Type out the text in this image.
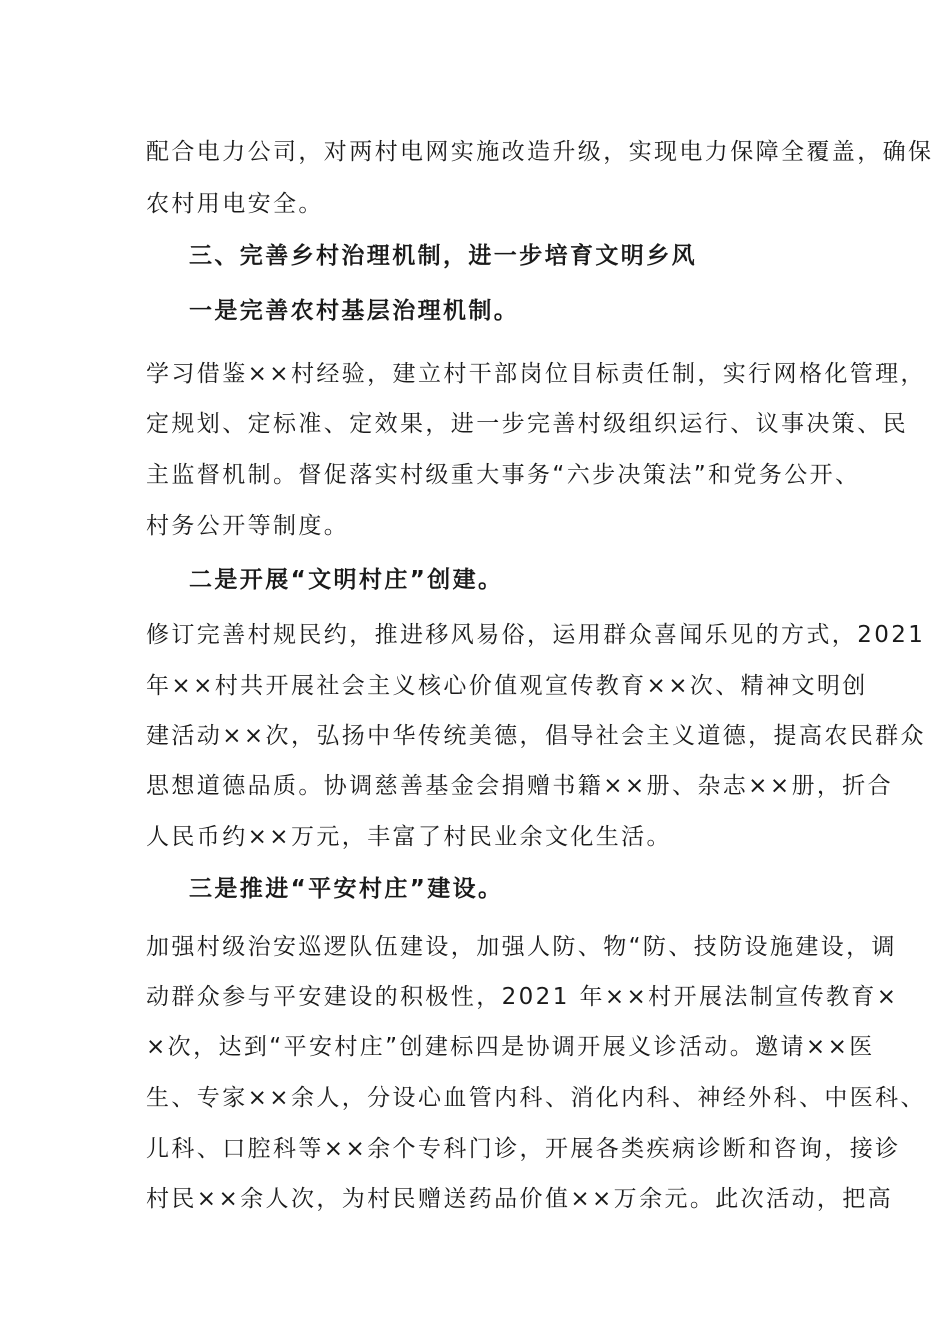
配合电力公司，对两村电网实施改造升级，实现电力保障全覆盖，确保
农村用电安全。
三、完善乡村治理机制，进一步培育文明乡风
一是完善农村基层治理机制。
学习借鉴××村经验，建立村干部岗位目标责任制，实行网格化管理，
定规划、定标准、定效果，进一步完善村级组织运行、议事决策、民
主监督机制。督促落实村级重大事务“六步决策法”和党务公开、
村务公开等制度。
二是开展“文明村庄”创建。
修订完善村规民约，推进移风易俗，运用群众喜闻乐见的方式，2021
年××村共开展社会主义核心价值观宣传教育××次、精神文明创
建活动××次，弘扬中华传统美德，倡导社会主义道德，提高农民群众
思想道德品质。协调慈善基金会捐赠书籍××册、杂志××册，折合
人民币约××万元，丰富了村民业余文化生活。
三是推进“平安村庄”建设。
加强村级治安巡逻队伍建设，加强人防、物“防、技防设施建设，调
动群众参与平安建设的积极性，2021 年××村开展法制宣传教育×
×次，达到“平安村庄”创建标四是协调开展义诊活动。邀请××医
生、专家××余人，分设心血管内科、消化内科、神经外科、中医科、
儿科、口腔科等××余个专科门诊，开展各类疾病诊断和咨询，接诊
村民××余人次，为村民赠送药品价值××万余元。此次活动，把高
